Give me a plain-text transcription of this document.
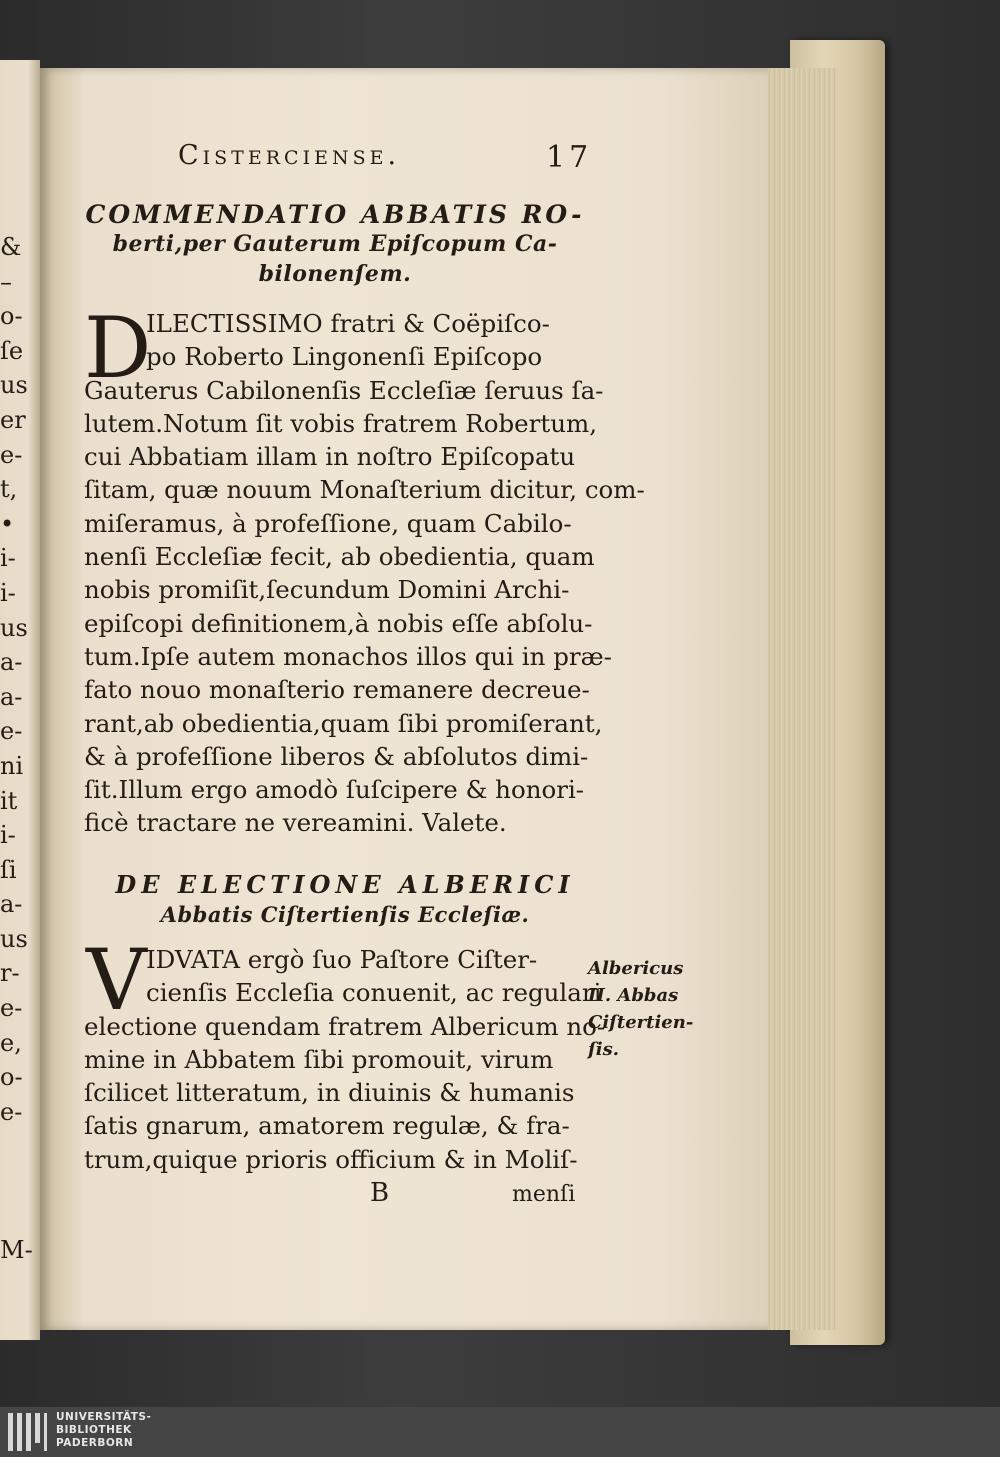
&
–
o-
ſe
us
er
e-
t,
•
i-
i-
us
a-
a-
e-
ni
it
i-
ſi
a-
us
r-
e-
e,
o-
e-
M-
Cistercienſe.	17
COMMENDATIO ABBATIS RO-
berti,per Gauterum Epiſcopum Ca-
bilonenſem.
D
ILECTISSIMO fratri & Coëpiſco-
po Roberto Lingonenſi Epiſcopo
Gauterus Cabilonenſis Eccleſiæ ſeruus ſa-
lutem.Notum ſit vobis fratrem Robertum,
cui Abbatiam illam in noſtro Epiſcopatu
ſitam, quæ nouum Monaſterium dicitur, com-
miſeramus, à profeſſione, quam Cabilo-
nenſi Eccleſiæ fecit, ab obedientia, quam
nobis promiſit,ſecundum Domini Archi-
epiſcopi definitionem,à nobis eſſe abſolu-
tum.Ipſe autem monachos illos qui in præ-
fato nouo monaſterio remanere decreue-
rant,ab obedientia,quam ſibi promiſerant,
& à profeſſione liberos & abſolutos dimi-
ſit.Illum ergo amodò ſuſcipere & honori-
ficè tractare ne vereamini. Valete.
DE ELECTIONE ALBERICI
Abbatis Ciſtertienſis Eccleſiæ.
V IDVATA ergò ſuo Paſtore Ciſter-
cienſis Eccleſia conuenit, ac regulari
electione quendam fratrem Albericum no-
mine in Abbatem ſibi promouit, virum
ſcilicet litteratum, in diuinis & humanis
ſatis gnarum, amatorem regulæ, & fra-
trum,quique prioris officium & in Moliſ-
Albericus
II. Abbas
Ciſtertien-
ſis.
B	menſi
UNIVERSITÄTS-
BIBLIOTHEK
PADERBORN
